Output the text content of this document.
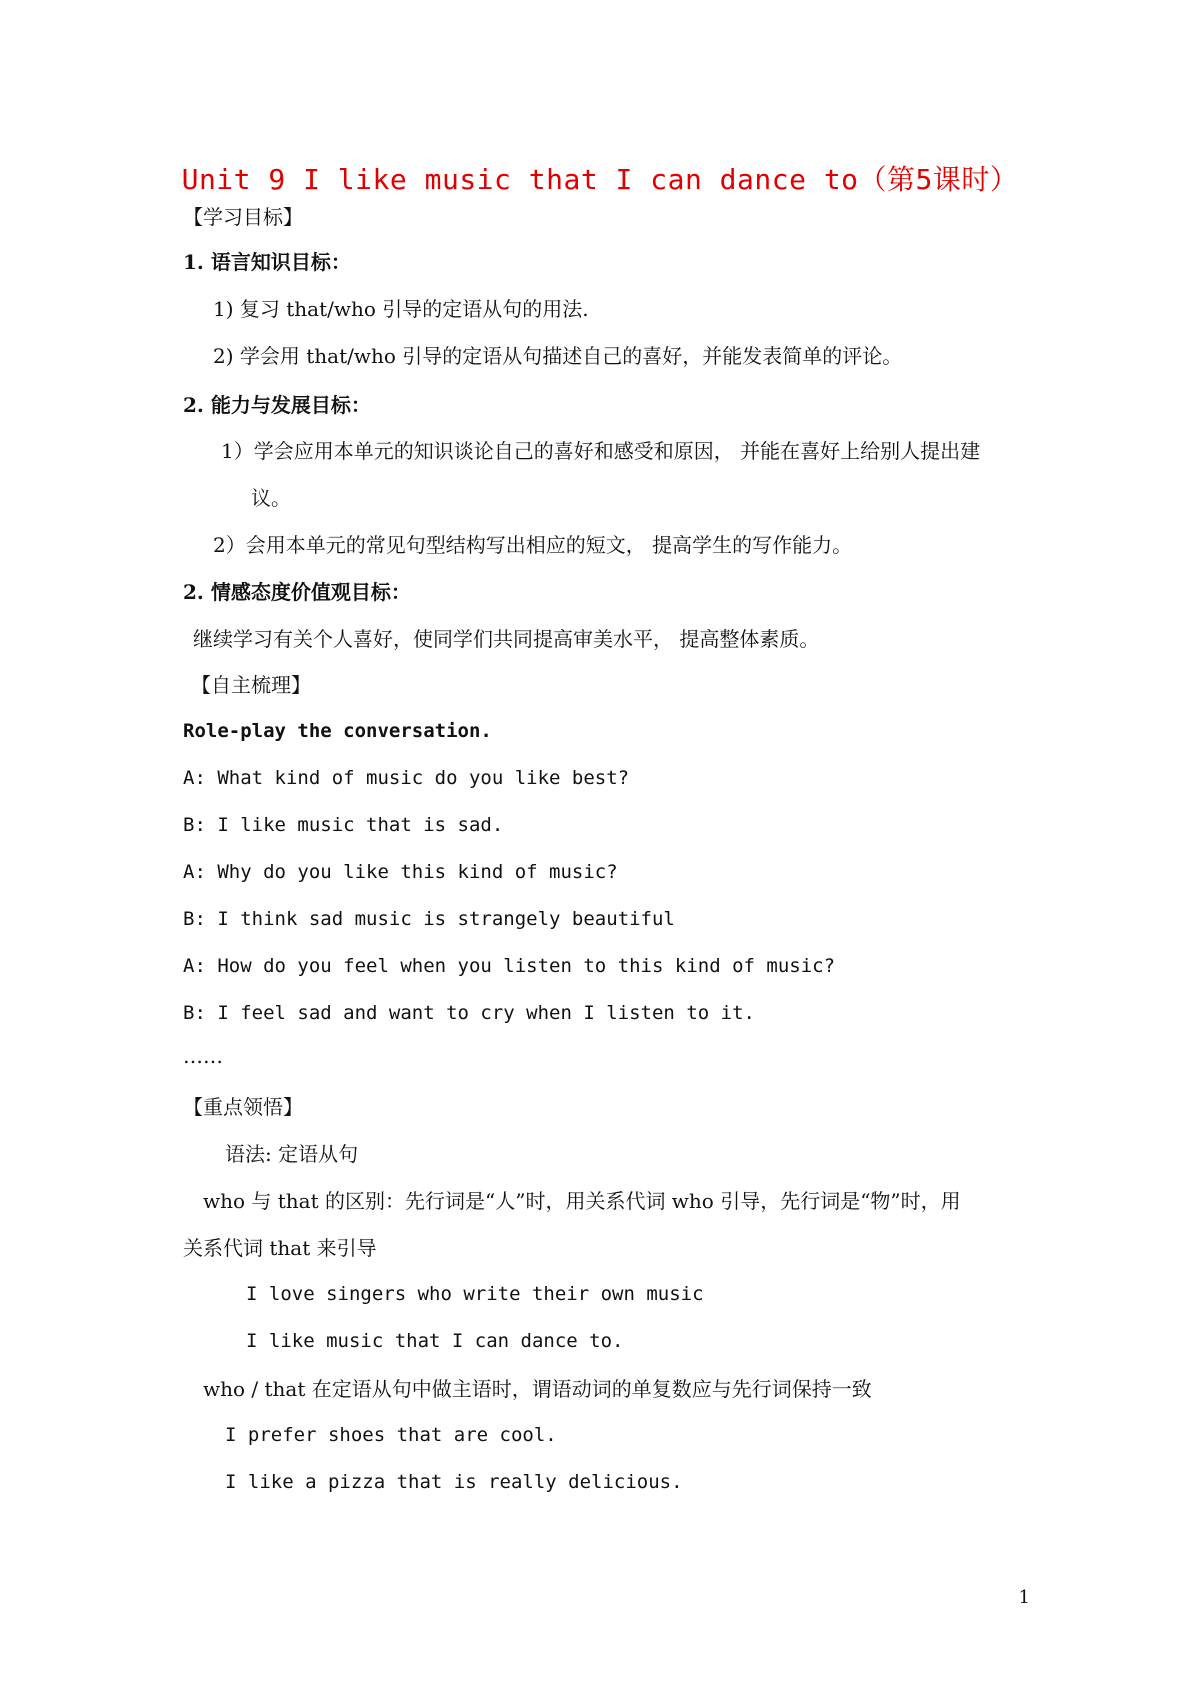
Unit 9 I like music that I can dance to（第5课时）
【学习目标】
1. 语言知识目标：
1) 复习 that/who 引导的定语从句的用法.
2) 学会用 that/who 引导的定语从句描述自己的喜好，并能发表简单的评论。
2. 能力与发展目标：
1）学会应用本单元的知识谈论自己的喜好和感受和原因， 并能在喜好上给别人提出建
议。
2）会用本单元的常见句型结构写出相应的短文， 提高学生的写作能力。
2. 情感态度价值观目标：
继续学习有关个人喜好，使同学们共同提高审美水平， 提高整体素质。
【自主梳理】
Role-play the conversation.
A: What kind of music do you like best?
B: I like music that is sad.
A: Why do you like this kind of music?
B: I think sad music is strangely beautiful
A: How do you feel when you listen to this kind of music?
B: I feel sad and want to cry when I listen to it.
……
【重点领悟】
语法: 定语从句
who 与 that 的区别：先行词是“人”时，用关系代词 who 引导，先行词是“物”时，用
关系代词 that 来引导
I love singers who write their own music
I like music that I can dance to.
who / that 在定语从句中做主语时，谓语动词的单复数应与先行词保持一致
I prefer shoes that are cool.
I like a pizza that is really delicious.
1
